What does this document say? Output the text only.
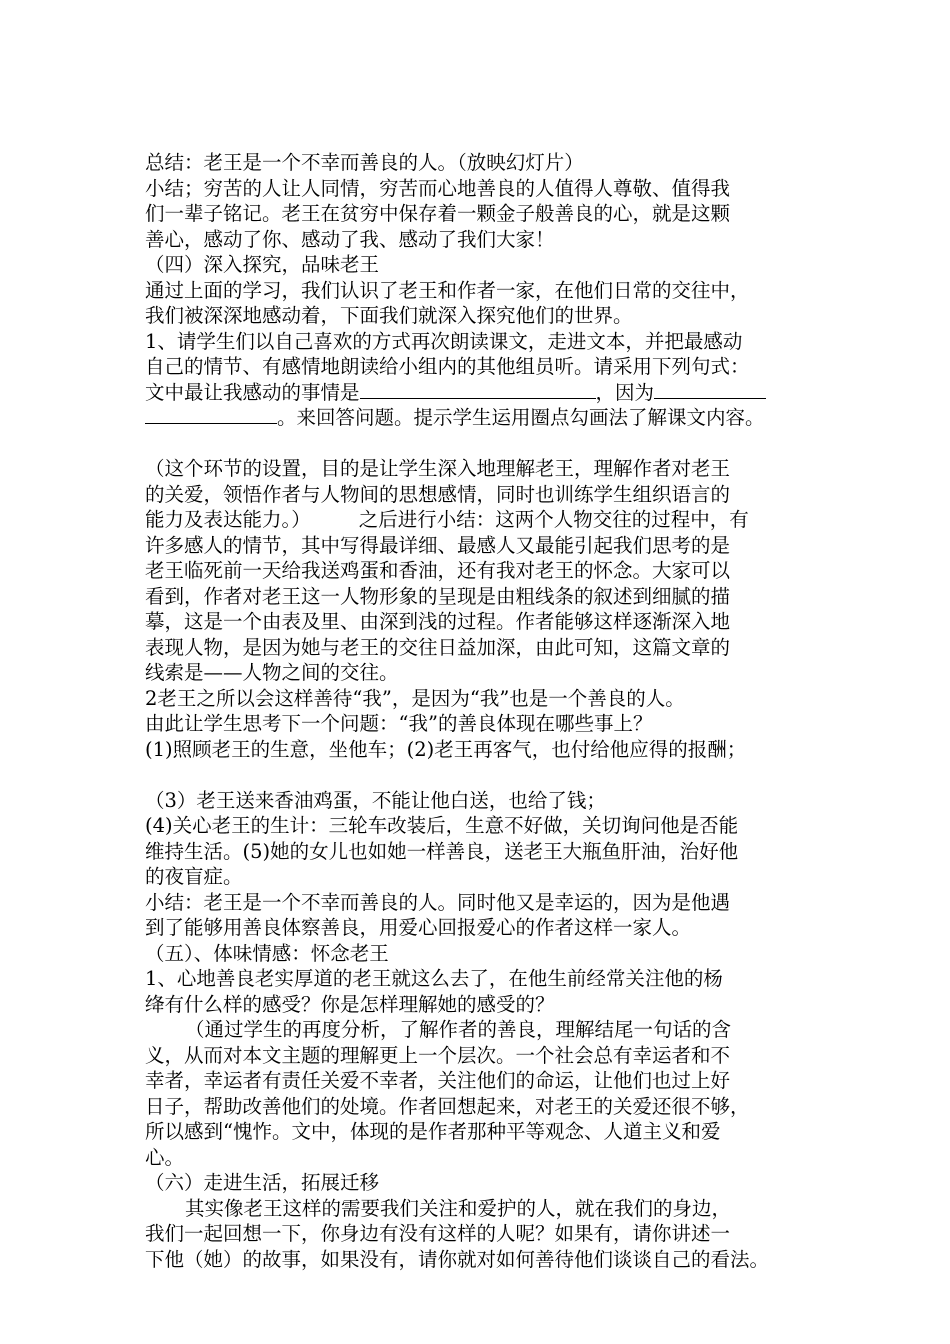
总结：老王是一个不幸而善良的人。（放映幻灯片）
小结；穷苦的人让人同情，穷苦而心地善良的人值得人尊敬、值得我
们一辈子铭记。老王在贫穷中保存着一颗金子般善良的心，就是这颗
善心，感动了你、感动了我、感动了我们大家！
（四）深入探究，品味老王
通过上面的学习，我们认识了老王和作者一家，在他们日常的交往中，
我们被深深地感动着，下面我们就深入探究他们的世界。
1、请学生们以自己喜欢的方式再次朗读课文，走进文本，并把最感动
自己的情节、有感情地朗读给小组内的其他组员听。请采用下列句式：
文中最让我感动的事情是	，因为
。来回答问题。提示学生运用圈点勾画法了解课文内容。
（这个环节的设置，目的是让学生深入地理解老王，理解作者对老王
的关爱，领悟作者与人物间的思想感情，同时也训练学生组织语言的
能力及表达能力。） 之后进行小结：这两个人物交往的过程中，有
许多感人的情节，其中写得最详细、最感人又最能引起我们思考的是
老王临死前一天给我送鸡蛋和香油，还有我对老王的怀念。大家可以
看到，作者对老王这一人物形象的呈现是由粗线条的叙述到细腻的描
摹，这是一个由表及里、由深到浅的过程。作者能够这样逐渐深入地
表现人物，是因为她与老王的交往日益加深，由此可知，这篇文章的
线索是——人物之间的交往。
2老王之所以会这样善待“我”，是因为“我”也是一个善良的人。
由此让学生思考下一个问题：“我”的善良体现在哪些事上？
(1)照顾老王的生意，坐他车；(2)老王再客气，也付给他应得的报酬；
（3）老王送来香油鸡蛋，不能让他白送，也给了钱；
(4)关心老王的生计：三轮车改装后，生意不好做，关切询问他是否能
维持生活。(5)她的女儿也如她一样善良，送老王大瓶鱼肝油，治好他
的夜盲症。
小结：老王是一个不幸而善良的人。同时他又是幸运的，因为是他遇
到了能够用善良体察善良，用爱心回报爱心的作者这样一家人。
（五）、体味情感：怀念老王
1、心地善良老实厚道的老王就这么去了，在他生前经常关注他的杨
绛有什么样的感受？你是怎样理解她的感受的？
（通过学生的再度分析，了解作者的善良，理解结尾一句话的含
义，从而对本文主题的理解更上一个层次。一个社会总有幸运者和不
幸者，幸运者有责任关爱不幸者，关注他们的命运，让他们也过上好
日子，帮助改善他们的处境。作者回想起来，对老王的关爱还很不够，
所以感到“愧怍。文中，体现的是作者那种平等观念、人道主义和爱
心。
（六）走进生活，拓展迁移
其实像老王这样的需要我们关注和爱护的人，就在我们的身边，
我们一起回想一下，你身边有没有这样的人呢？如果有，请你讲述一
下他（她）的故事，如果没有，请你就对如何善待他们谈谈自己的看法。
